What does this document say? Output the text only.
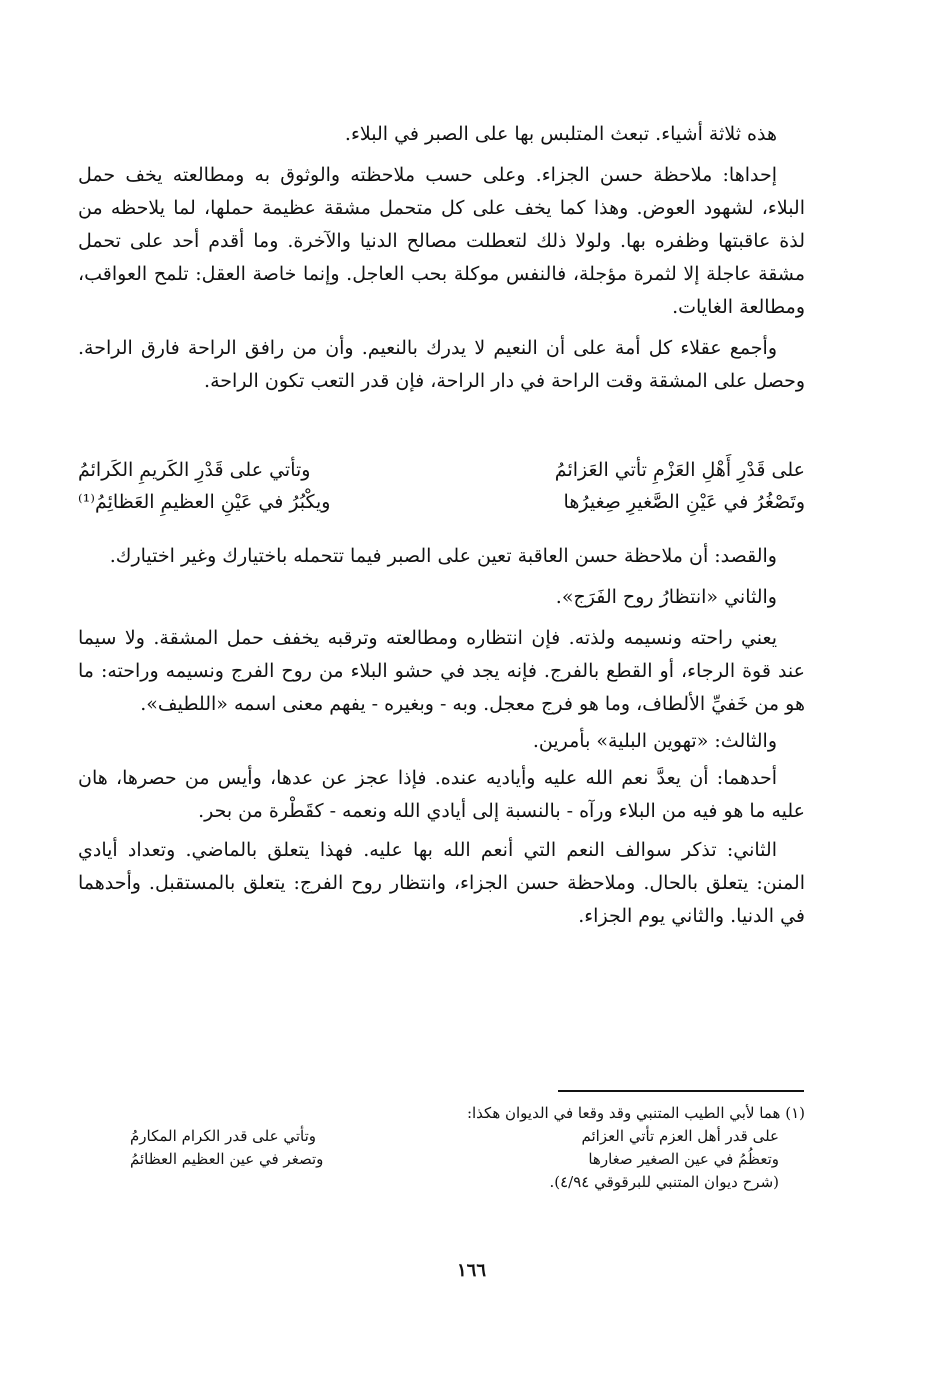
هذه ثلاثة أشياء. تبعث المتلبس بها على الصبر في البلاء.

إحداها: ملاحظة حسن الجزاء. وعلى حسب ملاحظته والوثوق به ومطالعته يخف حمل البلاء، لشهود العوض. وهذا كما يخف على كل متحمل مشقة عظيمة حملها، لما يلاحظه من لذة عاقبتها وظفره بها. ولولا ذلك لتعطلت مصالح الدنيا والآخرة. وما أقدم أحد على تحمل مشقة عاجلة إلا لثمرة مؤجلة، فالنفس موكلة بحب العاجل. وإنما خاصة العقل: تلمح العواقب، ومطالعة الغايات.

وأجمع عقلاء كل أمة على أن النعيم لا يدرك بالنعيم. وأن من رافق الراحة فارق الراحة. وحصل على المشقة وقت الراحة في دار الراحة، فإن قدر التعب تكون الراحة.

على قَدْرِ أَهْلِ العَزْمِ تأتي العَزائمُ
وتأتي على قَدْرِ الكَريمِ الكَرائمُ
وتَصْغُرُ في عَيْنِ الصَّغيرِ صِغيرُها
ويكْبُرُ في عَيْنِ العظيمِ العَظائِمُ⁽¹⁾

والقصد: أن ملاحظة حسن العاقبة تعين على الصبر فيما تتحمله باختيارك وغير اختيارك.

والثاني «انتظارُ روح الفَرَج».

يعني راحته ونسيمه ولذته. فإن انتظاره ومطالعته وترقبه يخفف حمل المشقة. ولا سيما عند قوة الرجاء، أو القطع بالفرج. فإنه يجد في حشو البلاء من روح الفرج ونسيمه وراحته: ما هو من خَفيِّ الألطاف، وما هو فرج معجل. وبه - وبغيره - يفهم معنى اسمه «اللطيف».

والثالث: «تهوين البلية» بأمرين.

أحدهما: أن يعدَّ نعم الله عليه وأياديه عنده. فإذا عجز عن عدها، وأيس من حصرها، هان عليه ما هو فيه من البلاء ورآه - بالنسبة إلى أيادي الله ونعمه - كقَطْرة من بحر.

الثاني: تذكر سوالف النعم التي أنعم الله بها عليه. فهذا يتعلق بالماضي. وتعداد أيادي المنن: يتعلق بالحال. وملاحظة حسن الجزاء، وانتظار روح الفرج: يتعلق بالمستقبل. وأحدهما في الدنيا. والثاني يوم الجزاء.

(١) هما لأبي الطيب المتنبي وقد وقعا في الديوان هكذا:
على قدر أهل العزم تأتي العزائم
وتأتي على قدر الكرام المكارمُ
وتعظُمُ في عين الصغير صغارها
وتصغر في عين العظيم العظائمُ
(شرح ديوان المتنبي للبرقوقي ٤/٩٤).
١٦٦
